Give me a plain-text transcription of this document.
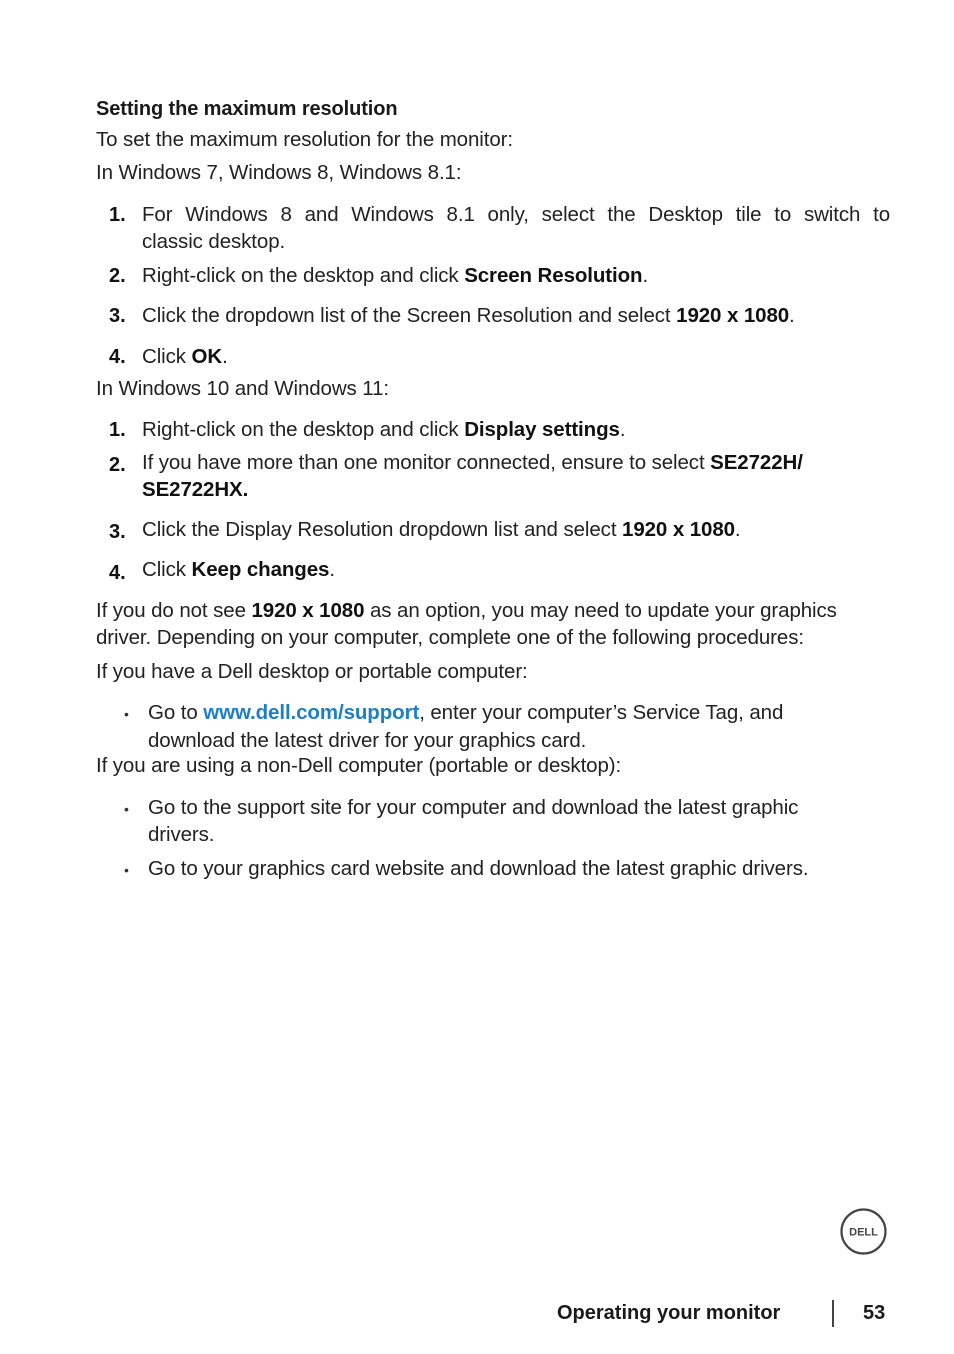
Setting the maximum resolution
To set the maximum resolution for the monitor:
In Windows 7, Windows 8, Windows 8.1:
1. For Windows 8 and Windows 8.1 only, select the Desktop tile to switch to
classic desktop.
2. Right-click on the desktop and click Screen Resolution.
3. Click the dropdown list of the Screen Resolution and select 1920 x 1080.
4. Click OK.
In Windows 10 and Windows 11:
1. Right-click on the desktop and click Display settings.
2. If you have more than one monitor connected, ensure to select SE2722H/
SE2722HX.
3. Click the Display Resolution dropdown list and select 1920 x 1080.
4. Click Keep changes.
If you do not see 1920 x 1080 as an option, you may need to update your graphics
driver. Depending on your computer, complete one of the following procedures:
If you have a Dell desktop or portable computer:
• Go to www.dell.com/support, enter your computer’s Service Tag, and
download the latest driver for your graphics card.
If you are using a non-Dell computer (portable or desktop):
• Go to the support site for your computer and download the latest graphic
drivers.
• Go to your graphics card website and download the latest graphic drivers.
DELL
Operating your monitor	53
